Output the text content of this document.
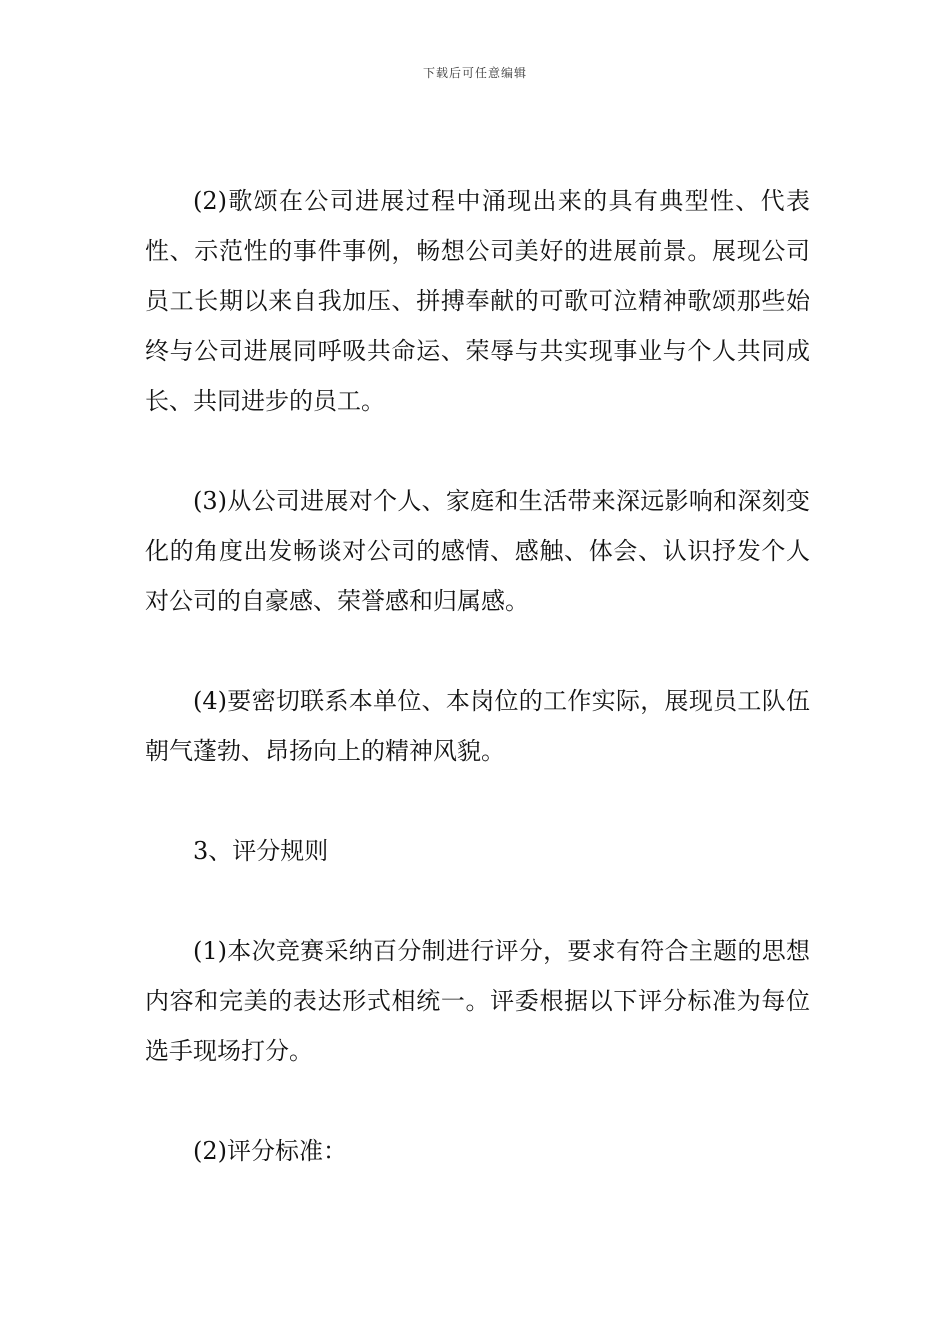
下载后可任意编辑

(2)歌颂在公司进展过程中涌现出来的具有典型性、代表性、示范性的事件事例，畅想公司美好的进展前景。展现公司员工长期以来自我加压、拼搏奉献的可歌可泣精神歌颂那些始终与公司进展同呼吸共命运、荣辱与共实现事业与个人共同成长、共同进步的员工。

(3)从公司进展对个人、家庭和生活带来深远影响和深刻变化的角度出发畅谈对公司的感情、感触、体会、认识抒发个人对公司的自豪感、荣誉感和归属感。

(4)要密切联系本单位、本岗位的工作实际，展现员工队伍朝气蓬勃、昂扬向上的精神风貌。

3、评分规则

(1)本次竞赛采纳百分制进行评分，要求有符合主题的思想内容和完美的表达形式相统一。评委根据以下评分标准为每位选手现场打分。

(2)评分标准：
